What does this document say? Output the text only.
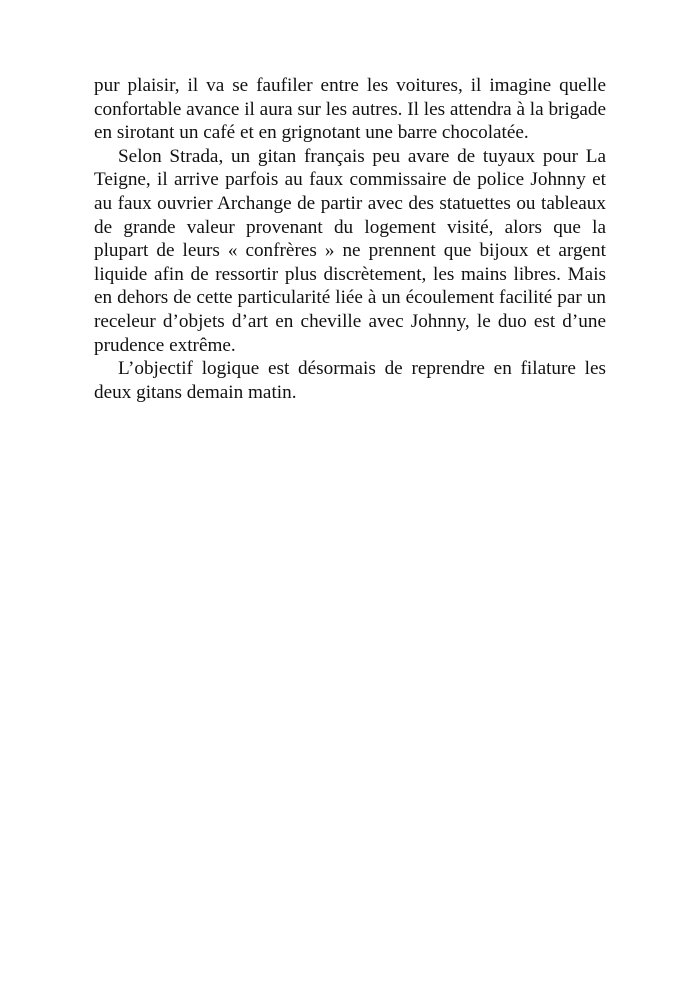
pur plaisir, il va se faufiler entre les voitures, il imagine quelle confortable avance il aura sur les autres. Il les attendra à la brigade en sirotant un café et en grignotant une barre chocolatée.

Selon Strada, un gitan français peu avare de tuyaux pour La Teigne, il arrive parfois au faux commissaire de police Johnny et au faux ouvrier Archange de partir avec des statuettes ou tableaux de grande valeur provenant du logement visité, alors que la plupart de leurs « confrères » ne prennent que bijoux et argent liquide afin de ressortir plus discrètement, les mains libres. Mais en dehors de cette particularité liée à un écoulement facilité par un receleur d’objets d’art en cheville avec Johnny, le duo est d’une prudence extrême.

L’objectif logique est désormais de reprendre en filature les deux gitans demain matin.
